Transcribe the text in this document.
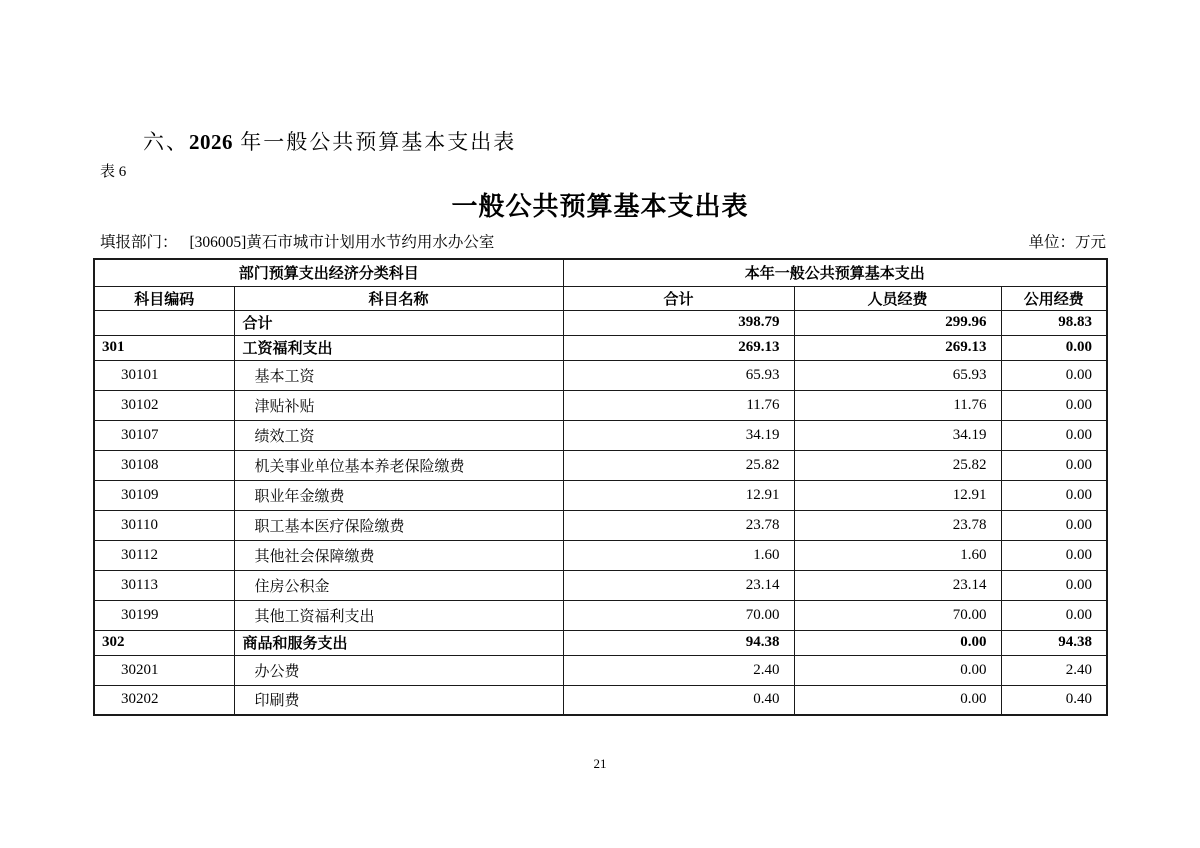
六、2026 年一般公共预算基本支出表
表 6
一般公共预算基本支出表
填报部门： [306005]黄石市城市计划用水节约用水办公室	单位：万元
部门预算支出经济分类科目		本年一般公共预算基本支出		
科目编码	科目名称	合计	人员经费	公用经费
	合计	398.79	299.96	98.83
301	工资福利支出	269.13	269.13	0.00
30101	基本工资	65.93	65.93	0.00
30102	津贴补贴	11.76	11.76	0.00
30107	绩效工资	34.19	34.19	0.00
30108	机关事业单位基本养老保险缴费	25.82	25.82	0.00
30109	职业年金缴费	12.91	12.91	0.00
30110	职工基本医疗保险缴费	23.78	23.78	0.00
30112	其他社会保障缴费	1.60	1.60	0.00
30113	住房公积金	23.14	23.14	0.00
30199	其他工资福利支出	70.00	70.00	0.00
302	商品和服务支出	94.38	0.00	94.38
30201	办公费	2.40	0.00	2.40
30202	印刷费	0.40	0.00	0.40
21
